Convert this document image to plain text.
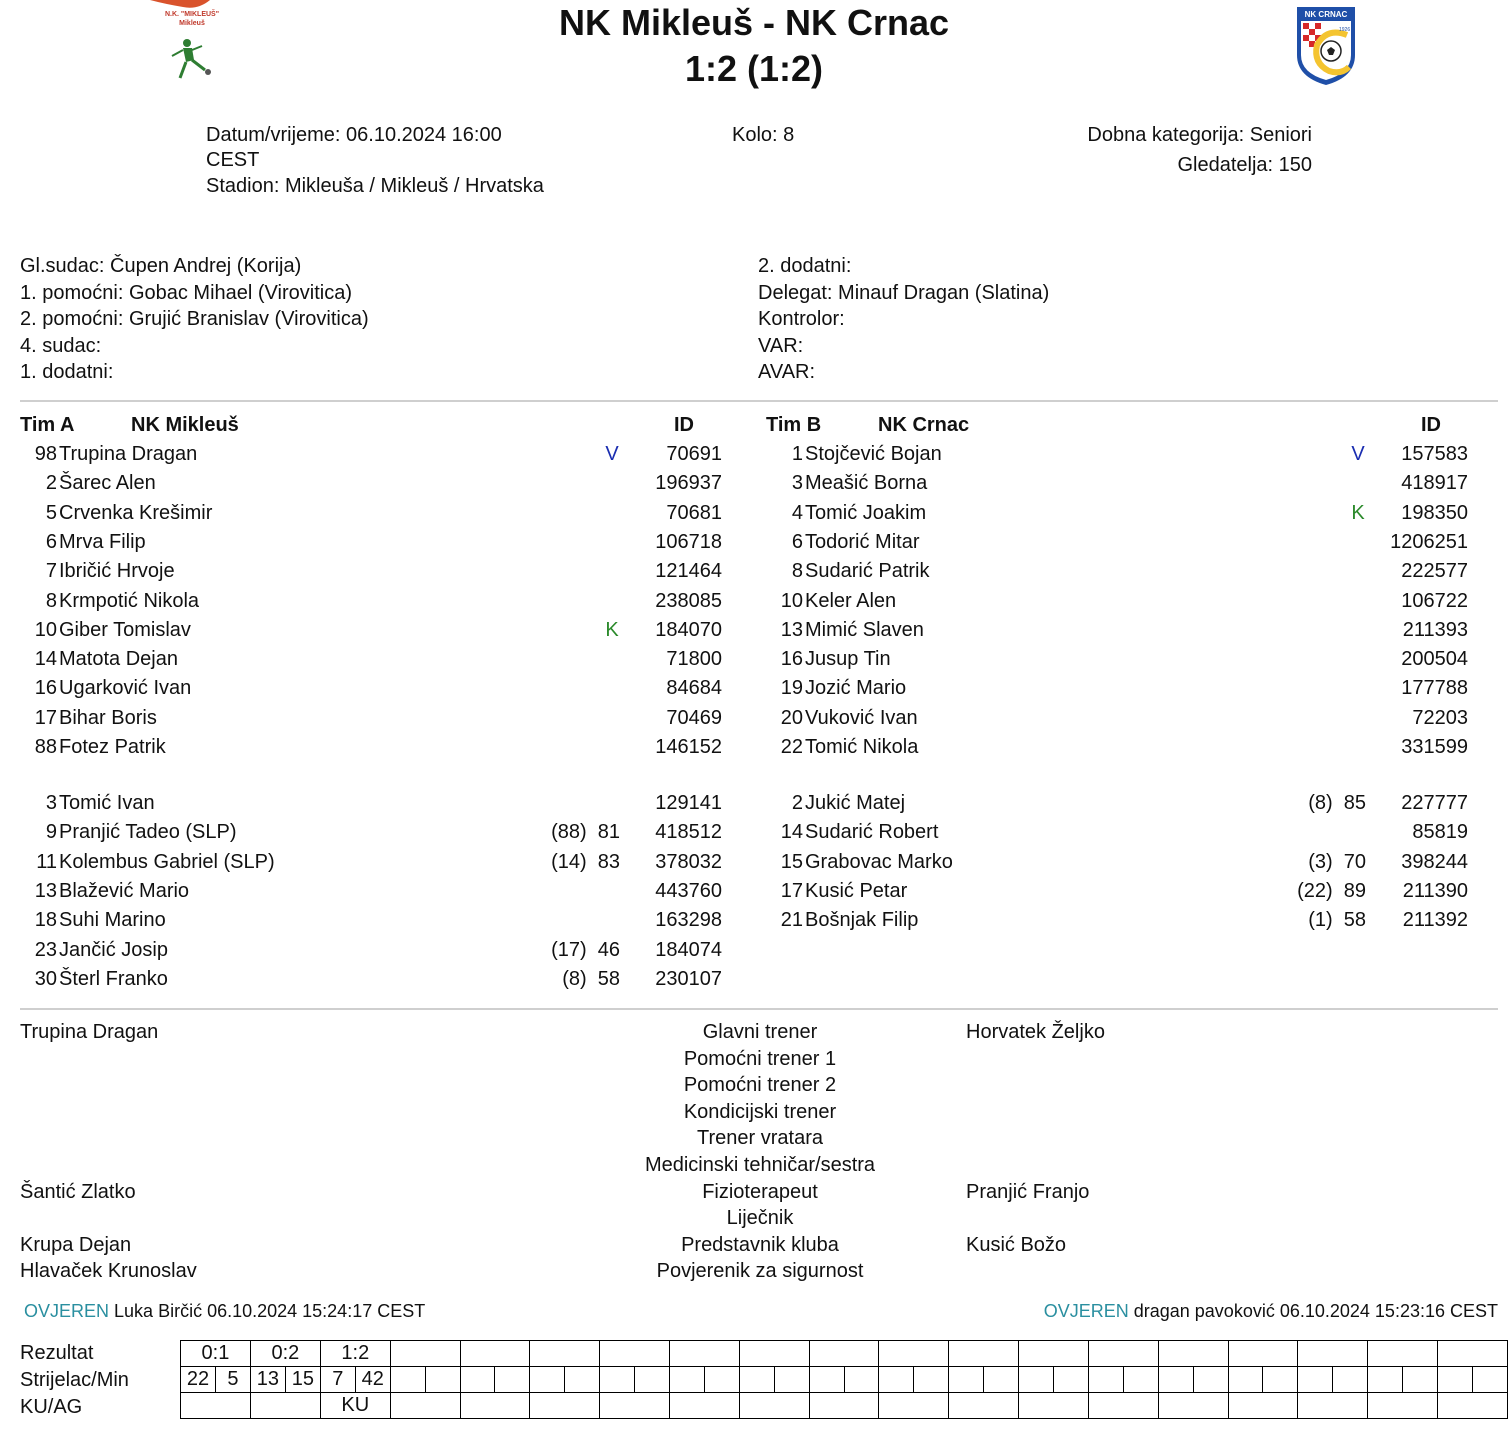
N.K. "MIKLEUŠ"
Mikleuš
NK CRNAC
1926
NK Mikleuš - NK Crnac
1:2 (1:2)
Datum/vrijeme: 06.10.2024 16:00
CEST
Stadion: Mikleuša / Mikleuš / Hrvatska
Kolo: 8	Dobna kategorija: Seniori
Gledatelja: 150
Gl.sudac: Čupen Andrej (Korija)
1. pomoćni: Gobac Mihael (Virovitica)
2. pomoćni: Grujić Branislav (Virovitica)
4. sudac:
1. dodatni:
2. dodatni:
Delegat: Minauf Dragan (Slatina)
Kontrolor:
VAR:
AVAR:
Tim A	NK Mikleuš	ID	Tim B	NK Crnac	ID
98 Trupina Dragan	V 70691
2 Šarec Alen	196937
5 Crvenka Krešimir	70681
6 Mrva Filip	106718
7 Ibričić Hrvoje	121464
8 Krmpotić Nikola	238085
10 Giber Tomislav	K 184070
14 Matota Dejan	71800
16 Ugarković Ivan	84684
17 Bihar Boris	70469
88 Fotez Patrik	146152
3 Tomić Ivan	129141
9 Pranjić Tadeo (SLP)	(88)  81 418512
11 Kolembus Gabriel (SLP)	(14)  83 378032
13 Blažević Mario	443760
18 Suhi Marino	163298
23 Jančić Josip	(17)  46 184074
30 Šterl Franko	(8)  58 230107
1 Stojčević Bojan	V 157583
3 Meašić Borna	418917
4 Tomić Joakim	K 198350
6 Todorić Mitar	1206251
8 Sudarić Patrik	222577
10 Keler Alen	106722
13 Mimić Slaven	211393
16 Jusup Tin	200504
19 Jozić Mario	177788
20 Vuković Ivan	72203
22 Tomić Nikola	331599
2 Jukić Matej	(8)  85 227777
14 Sudarić Robert	85819
15 Grabovac Marko	(3)  70 398244
17 Kusić Petar	(22)  89 211390
21 Bošnjak Filip	(1)  58 211392
Trupina Dragan	Glavni trener	Horvatek Željko
Pomoćni trener 1
Pomoćni trener 2
Kondicijski trener
Trener vratara
Medicinski tehničar/sestra
Šantić Zlatko	Fizioterapeut	Pranjić Franjo
Liječnik
Krupa Dejan	Predstavnik kluba	Kusić Božo
Hlavaček Krunoslav	Povjerenik za sigurnost
OVJEREN Luka Birčić 06.10.2024 15:24:17 CEST	OVJEREN dragan pavoković 06.10.2024 15:23:16 CEST
Rezultat
Strijelac/Min
KU/AG
0:1		0:2		1:2																																	
22	5	13	15	7	42																																
				KU																																	
